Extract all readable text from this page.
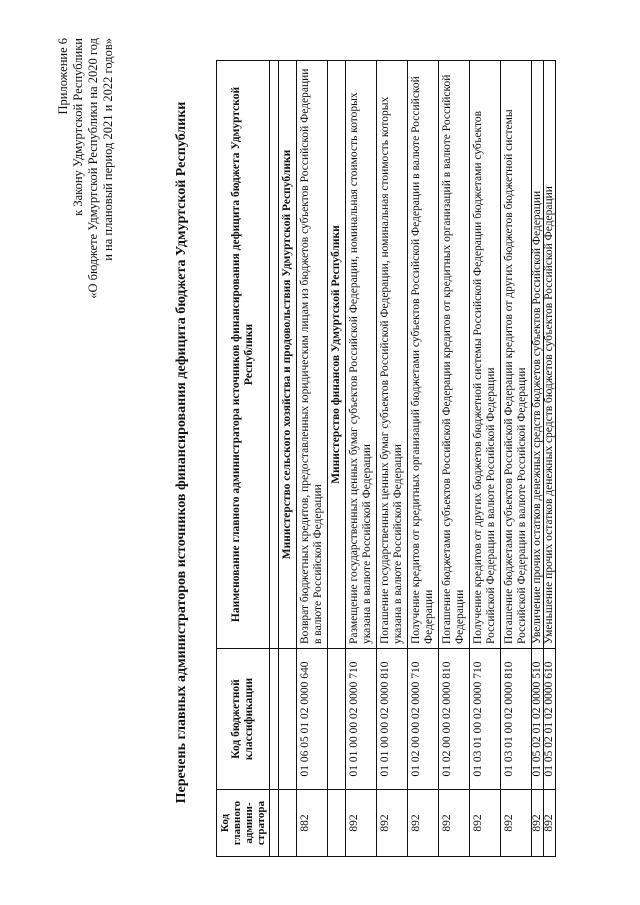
Приложение 6 к Закону Удмуртской Республики «О бюджете Удмуртской Республики на 2020 год и на плановый период 2021 и 2022 годов»	Перечень главных администраторов источников финансирования дефицита бюджета Удмуртской Республики
Код главного админи-стратора	Код бюджетной классификации	Наименование главного администратора источников финансирования дефицита бюджета Удмуртской Республики

		Министерство сельского хозяйства и продовольствия Удмуртской Республики
882	01 06 05 01 02 0000 640	Возврат бюджетных кредитов, предоставленных юридическим лицам из бюджетов субъектов Российской Федерации в валюте Российской Федерации
		Министерство финансов Удмуртской Республики
892	01 01 00 00 02 0000 710	Размещение государственных ценных бумаг субъектов Российской Федерации, номинальная стоимость которых указана в валюте Российской Федерации
892	01 01 00 00 02 0000 810	Погашение государственных ценных бумаг субъектов Российской Федерации, номинальная стоимость которых указана в валюте Российской Федерации
892	01 02 00 00 02 0000 710	Получение кредитов от кредитных организаций бюджетами субъектов Российской Федерации в валюте Российской Федерации
892	01 02 00 00 02 0000 810	Погашение бюджетами субъектов Российской Федерации кредитов от кредитных организаций в валюте Российской Федерации
892	01 03 01 00 02 0000 710	Получение кредитов от других бюджетов бюджетной системы Российской Федерации бюджетами субъектов Российской Федерации в валюте Российской Федерации
892	01 03 01 00 02 0000 810	Погашение бюджетами субъектов Российской Федерации кредитов от других бюджетов бюджетной системы Российской Федерации в валюте Российской Федерации
892	01 05 02 01 02 0000 510	Увеличение прочих остатков денежных средств бюджетов субъектов Российской Федерации
892	01 05 02 01 02 0000 610	Уменьшение прочих остатков денежных средств бюджетов субъектов Российской Федерации
